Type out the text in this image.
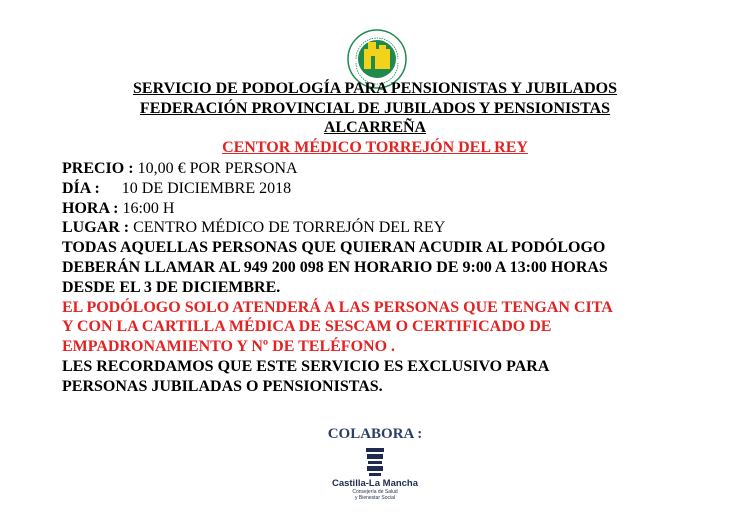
SERVICIO DE PODOLOGÍA PARA PENSIONISTAS Y JUBILADOS
FEDERACIÓN PROVINCIAL DE JUBILADOS Y PENSIONISTAS
ALCARREÑA
CENTOR MÉDICO TORREJÓN DEL REY
PRECIO : 10,00 € POR PERSONA
DÍA : 10 DE DICIEMBRE 2018
HORA : 16:00 H
LUGAR : CENTRO MÉDICO DE TORREJÓN DEL REY
TODAS AQUELLAS PERSONAS QUE QUIERAN ACUDIR AL PODÓLOGO
DEBERÁN LLAMAR AL 949 200 098 EN HORARIO DE 9:00 A 13:00 HORAS
DESDE EL 3 DE DICIEMBRE.
EL PODÓLOGO SOLO ATENDERÁ A LAS PERSONAS QUE TENGAN CITA
Y CON LA CARTILLA MÉDICA DE SESCAM O CERTIFICADO DE
EMPADRONAMIENTO Y Nº DE TELÉFONO .
LES RECORDAMOS QUE ESTE SERVICIO ES EXCLUSIVO PARA
PERSONAS JUBILADAS O PENSIONISTAS.
COLABORA :
Castilla-La Mancha
Consejería de Salud
y Bienestar Social
